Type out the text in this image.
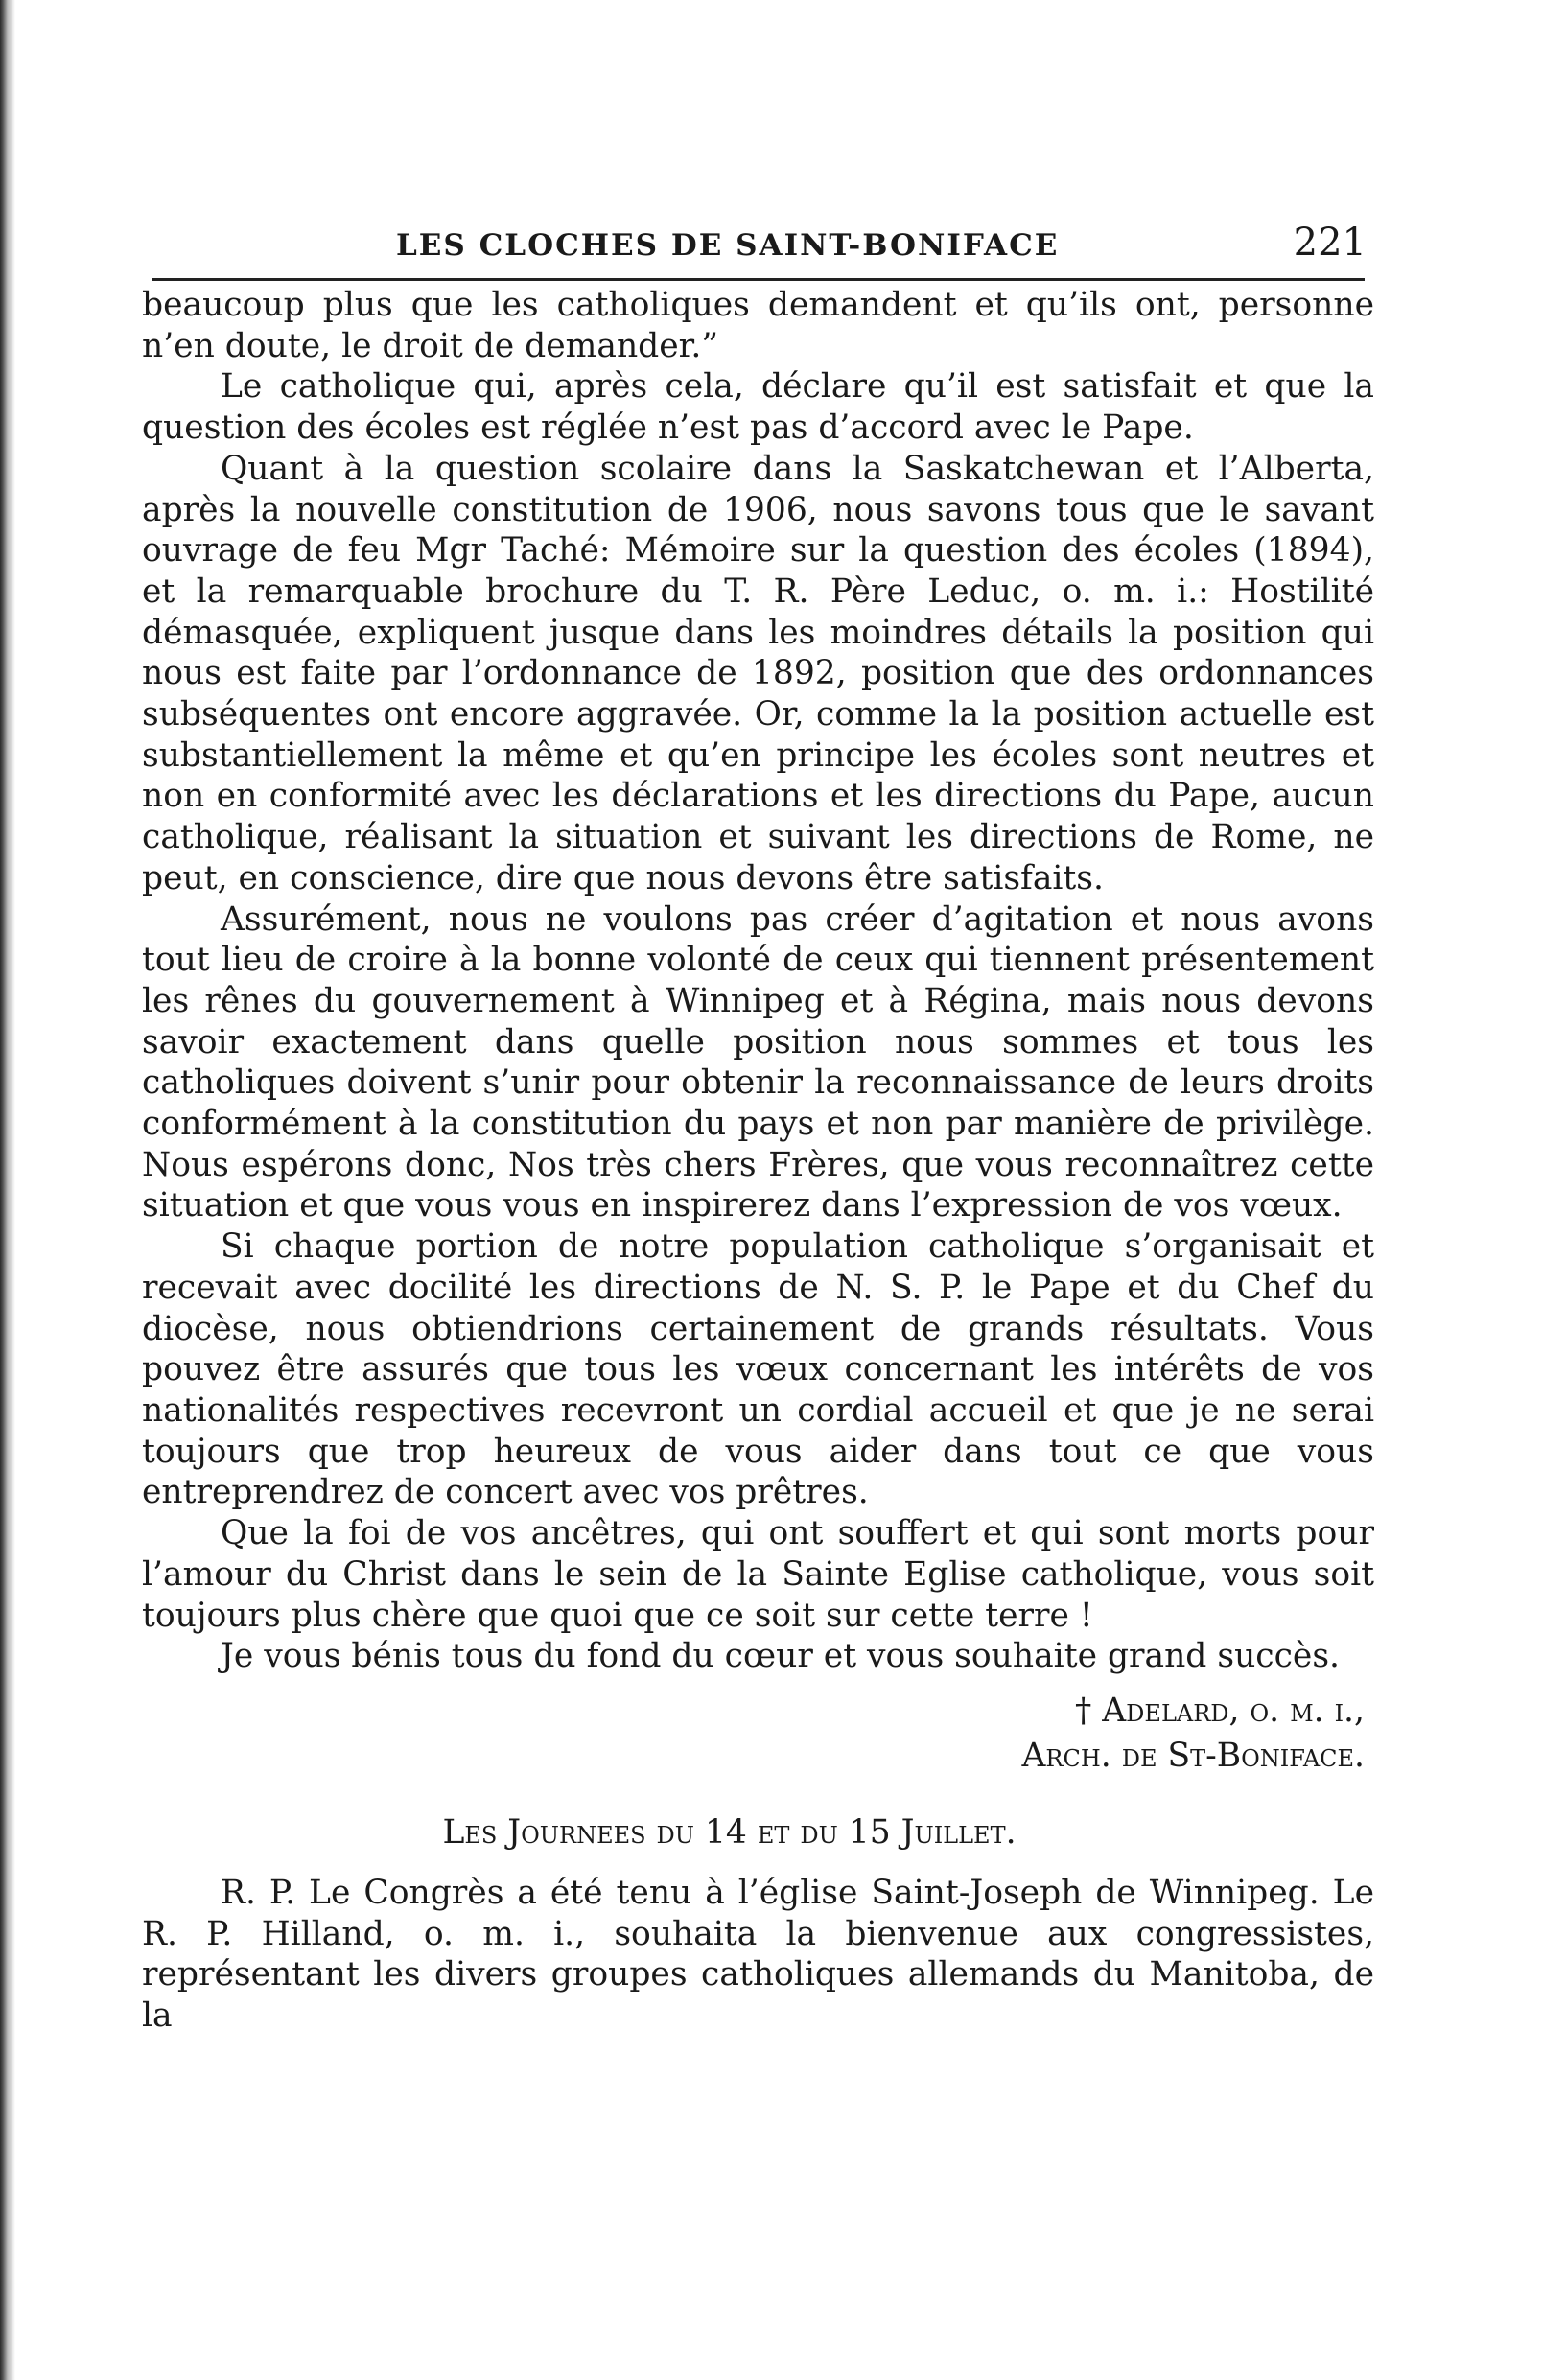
LES CLOCHES DE SAINT-BONIFACE	221

beaucoup plus que les catholiques demandent et qu’ils ont, personne n’en doute, le droit de demander.”

Le catholique qui, après cela, déclare qu’il est satisfait et que la question des écoles est réglée n’est pas d’accord avec le Pape.

Quant à la question scolaire dans la Saskatchewan et l’Alberta, après la nouvelle constitution de 1906, nous savons tous que le savant ouvrage de feu Mgr Taché: Mémoire sur la question des écoles (1894), et la remarquable brochure du T. R. Père Leduc, o. m. i.: Hostilité démasquée, expliquent jusque dans les moindres détails la position qui nous est faite par l’ordonnance de 1892, position que des ordonnances subséquentes ont encore aggravée. Or, comme la la position actuelle est substantiellement la même et qu’en principe les écoles sont neutres et non en conformité avec les déclarations et les directions du Pape, aucun catholique, réalisant la situation et suivant les directions de Rome, ne peut, en conscience, dire que nous devons être satisfaits.

Assurément, nous ne voulons pas créer d’agitation et nous avons tout lieu de croire à la bonne volonté de ceux qui tiennent présentement les rênes du gouvernement à Winnipeg et à Régina, mais nous devons savoir exactement dans quelle position nous sommes et tous les catholiques doivent s’unir pour obtenir la reconnaissance de leurs droits conformément à la constitution du pays et non par manière de privilège. Nous espérons donc, Nos très chers Frères, que vous reconnaîtrez cette situation et que vous vous en inspirerez dans l’expression de vos vœux.

Si chaque portion de notre population catholique s’organisait et recevait avec docilité les directions de N. S. P. le Pape et du Chef du diocèse, nous obtiendrions certainement de grands résultats. Vous pouvez être assurés que tous les vœux concernant les intérêts de vos nationalités respectives recevront un cordial accueil et que je ne serai toujours que trop heureux de vous aider dans tout ce que vous entreprendrez de concert avec vos prêtres.

Que la foi de vos ancêtres, qui ont souffert et qui sont morts pour l’amour du Christ dans le sein de la Sainte Eglise catholique, vous soit toujours plus chère que quoi que ce soit sur cette terre !

Je vous bénis tous du fond du cœur et vous souhaite grand succès.

† Adelard, o. m. i.,
Arch. de St-Boniface.
Les Journees du 14 et du 15 Juillet.

R. P. Le Congrès a été tenu à l’église Saint-Joseph de Winnipeg. Le R. P. Hilland, o. m. i., souhaita la bienvenue aux congressistes, représentant les divers groupes catholiques allemands du Manitoba, de la
